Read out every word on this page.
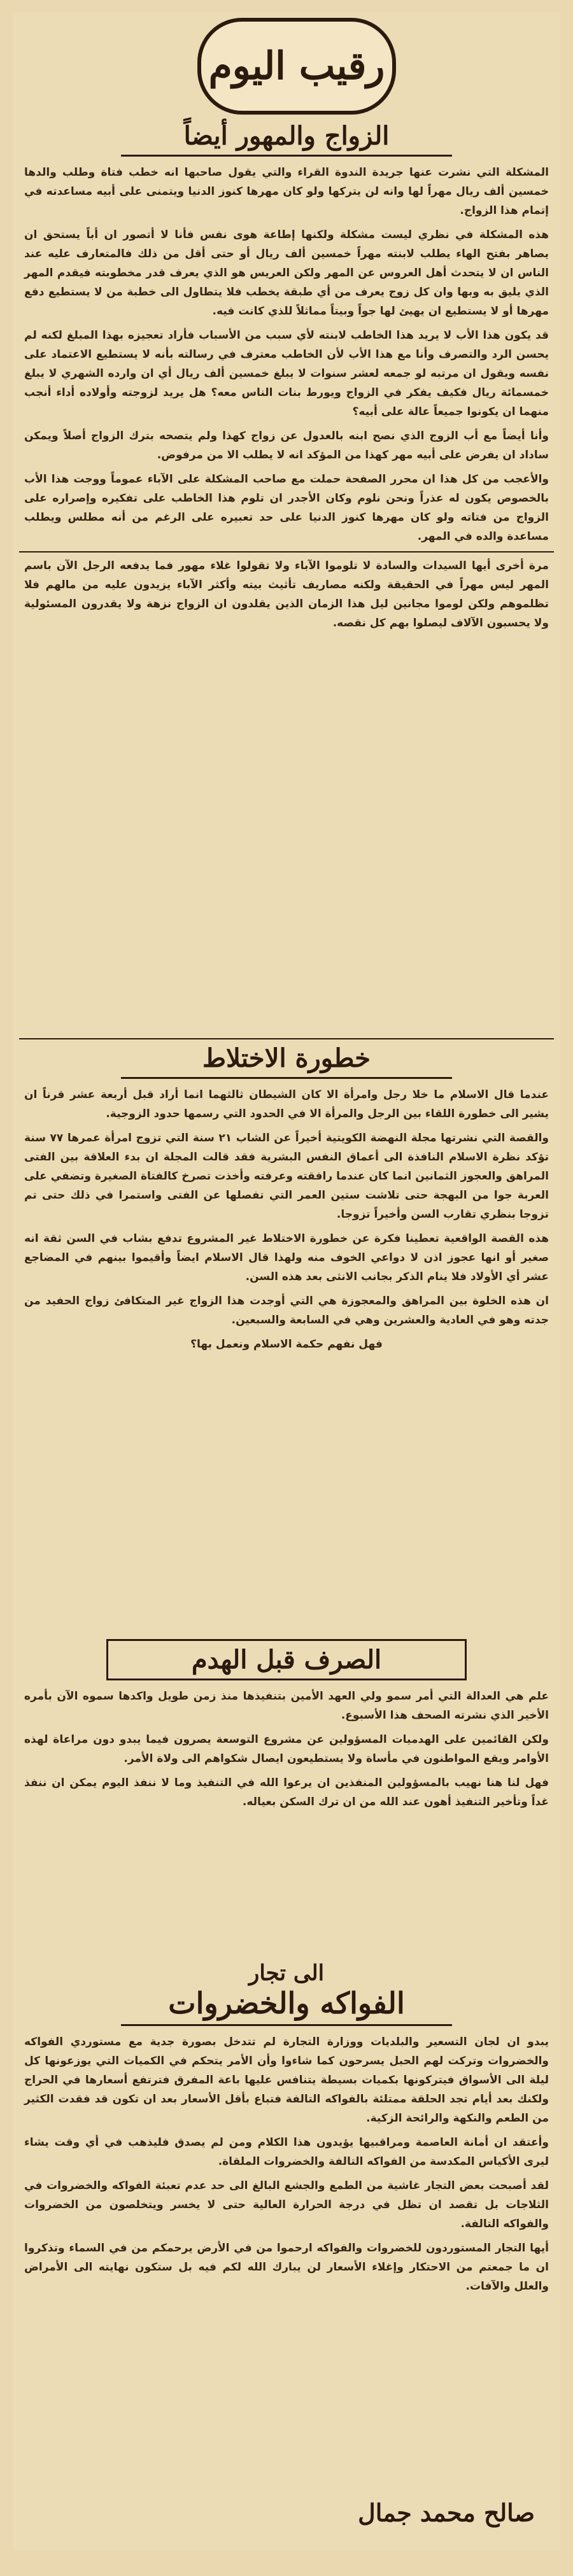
رقيب اليوم
الزواج والمهور أيضاً

المشكلة التي نشرت عنها جريدة الندوة القراء والتي يقول صاحبها انه خطب فتاة وطلب والدها خمسين ألف ريال مهراً لها وانه لن يتركها ولو كان مهرها كنوز الدنيا ويتمنى على أبيه مساعدته في إتمام هذا الزواج.

هذه المشكلة في نظري ليست مشكلة ولكنها إطاعة هوى نفس فأنا لا أتصور ان أباً يستحق ان يصاهر بفتح الهاء يطلب لابنته مهراً خمسين ألف ريال أو حتى أقل من ذلك فالمتعارف عليه عند الناس ان لا يتحدث أهل العروس عن المهر ولكن العريس هو الذي يعرف قدر مخطوبته فيقدم المهر الذي يليق به وبها وان كل زوج يعرف من أي طبقة يخطب فلا يتطاول الى خطبة من لا يستطيع دفع مهرها أو لا يستطيع ان يهيئ لها جواً وبيتاً مماثلاً للذي كانت فيه.

قد يكون هذا الأب لا يريد هذا الخاطب لابنته لأي سبب من الأسباب فأراد تعجيزه بهذا المبلغ لكنه لم يحسن الرد والتصرف وأنا مع هذا الأب لأن الخاطب معترف في رسالته بأنه لا يستطيع الاعتماد على نفسه ويقول ان مرتبه لو جمعه لعشر سنوات لا يبلغ خمسين ألف ريال أي ان وارده الشهري لا يبلغ خمسمائة ريال فكيف يفكر في الزواج ويورط بنات الناس معه؟ هل يريد لزوجته وأولاده أداء أنجب منهما ان يكونوا جميعاً عالة على أبيه؟

وأنا أيضاً مع أب الزوج الذي نصح ابنه بالعدول عن زواج كهذا ولم يتصحه بترك الزواج أصلاً ويمكن ساداد ان يفرض على أبيه مهر كهذا من المؤكد انه لا يطلب الا من مرفوض.

والأعجب من كل هذا ان محرر الصفحة حملت مع صاحب المشكلة على الآباء عموماً ووجت هذا الأب بالخصوص يكون له عذراً ونحن نلوم وكان الأجدر ان تلوم هذا الخاطب على تفكيره وإصراره على الزواج من فتاته ولو كان مهرها كنوز الدنيا على حد تعبيره على الرغم من أنه مطلس ويطلب مساعدة والده في المهر.

مرة أخرى أيها السيدات والسادة لا تلوموا الآباء ولا تقولوا غلاء مهور فما يدفعه الرجل الآن باسم المهر ليس مهراً في الحقيقة ولكنه مصاريف تأثيث بيته وأكثر الآباء يزيدون عليه من مالهم فلا تظلموهم ولكن لوموا مجانين ليل هذا الزمان الذين يقلدون ان الزواج نزهة ولا يقدرون المسئولية ولا يحسبون الآلاف ليصلوا بهم كل نقصه.

خطورة الاختلاط

عندما قال الاسلام ما خلا رجل وامرأة الا كان الشيطان ثالثهما انما أراد قبل أربعة عشر قرناً ان يشير الى خطورة اللقاء بين الرجل والمرأة الا في الحدود التي رسمها حدود الزوجية.

والقصة التي نشرتها مجلة النهضة الكويتية أخيراً عن الشاب ٢١ سنة التي تزوج امرأة عمرها ٧٧ سنة تؤكد نظرة الاسلام النافذة الى أعماق النفس البشرية فقد قالت المجلة ان بدء العلاقة بين الفتى المراهق والعجوز الثمانين انما كان عندما رافقته وعرفته وأخذت تصرخ كالفتاة الصغيرة وتضفي على العربة جوا من البهجة حتى تلاشت ستين العمر التي تفصلها عن الفتى واستمرا في ذلك حتى تم تزوجا بنظري تقارب السن وأخيراً تزوجا.

هذه القصة الواقعية تعطينا فكرة عن خطورة الاختلاط غير المشروع تدفع بشاب في السن ثقة انه صغير أو انها عجوز اذن لا دواعي الخوف منه ولهذا قال الاسلام ايضاً وأقيموا بينهم في المضاجع عشر أي الأولاد فلا ينام الذكر بجانب الانثى بعد هذه السن.

ان هذه الخلوة بين المراهق والمعجوزة هي التي أوجدت هذا الزواج غير المتكافئ زواج الحفيد من جدته وهو في العادية والعشرين وهي في السابعة والسبعين.

فهل نفهم حكمة الاسلام ونعمل بها؟

الصرف قبل الهدم

علم هي العدالة التي أمر سمو ولي العهد الأمين بتنفيذها منذ زمن طويل واكدها سموه الآن بأمره الأخير الذي نشرته الصحف هذا الأسبوع.

ولكن القائمين على الهدميات المسؤولين عن مشروع التوسعة يصرون فيما يبدو دون مراعاة لهذه الأوامر ويقع المواطنون في مأساة ولا يستطيعون ايصال شكواهم الى ولاة الأمر.

فهل لنا هنا نهيب بالمسؤولين المنفذين ان يرعوا الله في التنفيذ وما لا ننفذ اليوم يمكن ان ننفذ غداً وتأخير التنفيذ أهون عند الله من ان ترك السكن بعياله.

الى تجار
الفواكه والخضروات

يبدو ان لجان التسعير والبلديات ووزارة التجارة لم تتدخل بصورة جدية مع مستوردي الفواكه والخضروات وتركت لهم الحبل يسرحون كما شاءوا وأن الأمر يتحكم في الكميات التي يوزعونها كل ليلة الى الأسواق فيتركونها بكميات بسيطة يتنافس عليها باعة المفرق فترتفع أسعارها في الحراج ولكنك بعد أيام تجد الحلقة ممتلئة بالفواكه التالفة فتباع بأقل الأسعار بعد ان تكون قد فقدت الكثير من الطعم والنكهة والرائحة الزكية.

وأعتقد ان أمانة العاصمة ومراقبيها يؤيدون هذا الكلام ومن لم يصدق فليذهب في أي وقت يشاء ليرى الأكياس المكدسة من الفواكه التالفة والخضروات الملقاة.

لقد أصبحت بعض التجار غاشية من الطمع والجشع البالغ الى حد عدم تعبئة الفواكه والخضروات في الثلاجات بل تقصد ان تظل في درجة الحرارة العالية حتى لا يخسر ويتخلصون من الخضروات والفواكه التالفة.

أيها التجار المستوردون للخضروات والفواكه ارحموا من في الأرض يرحمكم من في السماء وتذكروا ان ما جمعتم من الاحتكار وإغلاء الأسعار لن يبارك الله لكم فيه بل ستكون نهايته الى الأمراض والعلل والآفات.

صالح محمد جمال
